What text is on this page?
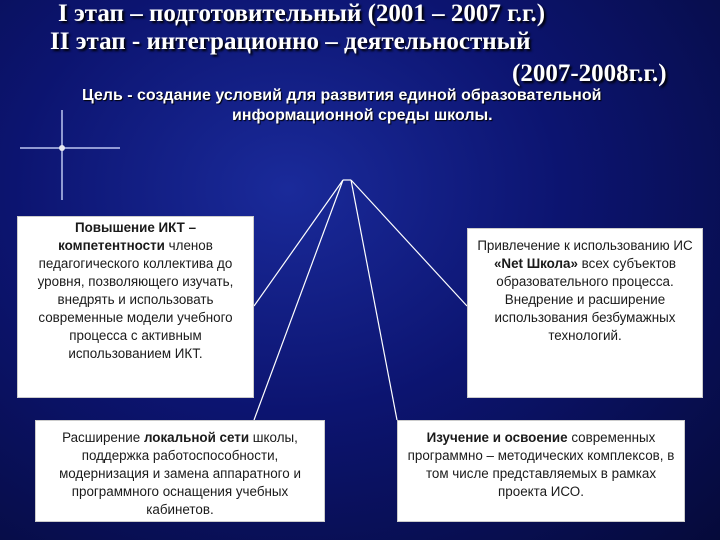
I этап – подготовительный (2001 – 2007 г.г.)
II этап - интеграционно – деятельностный
(2007-2008г.г.)
Цель - создание условий для развития единой образовательной
информационной среды школы.
Повышение ИКТ – компетентности членов педагогического коллектива до уровня, позволяющего изучать, внедрять и использовать современные модели учебного процесса с активным использованием ИКТ.
Привлечение к использованию ИС «Net Школа» всех субъектов образовательного процесса. Внедрение и расширение использования безбумажных технологий.
Расширение локальной сети школы, поддержка работоспособности, модернизация и замена аппаратного и программного оснащения учебных кабинетов.
Изучение и освоение современных программно – методических комплексов, в том числе представляемых в рамках проекта ИСО.
